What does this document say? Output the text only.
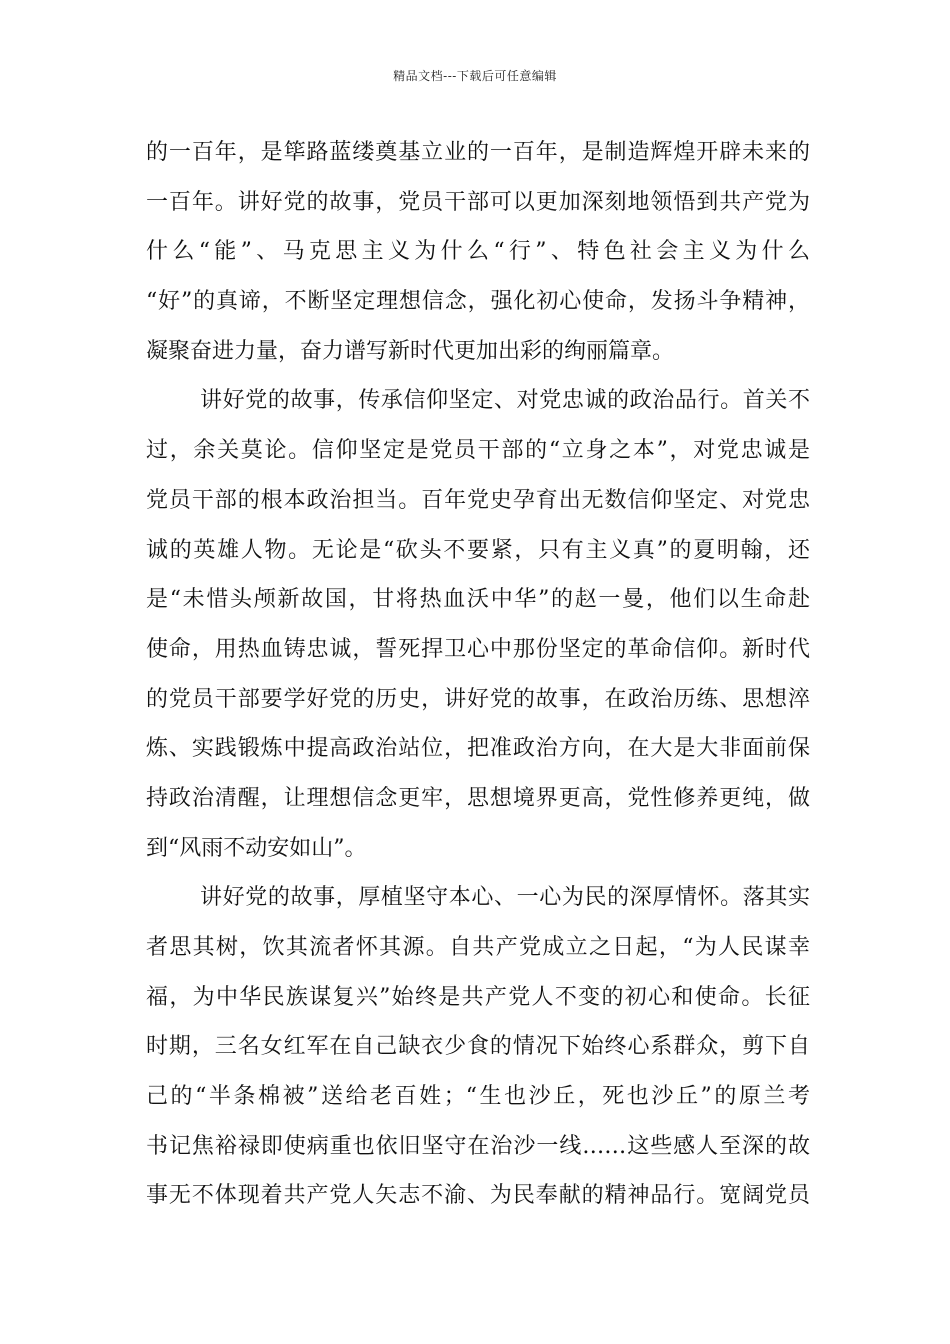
精品文档---下载后可任意编辑
的一百年，是筚路蓝缕奠基立业的一百年，是制造辉煌开辟未来的
一百年。讲好党的故事，党员干部可以更加深刻地领悟到共产党为
什么“能”、马克思主义为什么“行”、特色社会主义为什么
“好”的真谛，不断坚定理想信念，强化初心使命，发扬斗争精神，
凝聚奋进力量，奋力谱写新时代更加出彩的绚丽篇章。
讲好党的故事，传承信仰坚定、对党忠诚的政治品行。首关不
过，余关莫论。信仰坚定是党员干部的“立身之本”，对党忠诚是
党员干部的根本政治担当。百年党史孕育出无数信仰坚定、对党忠
诚的英雄人物。无论是“砍头不要紧，只有主义真”的夏明翰，还
是“未惜头颅新故国，甘将热血沃中华”的赵一曼，他们以生命赴
使命，用热血铸忠诚，誓死捍卫心中那份坚定的革命信仰。新时代
的党员干部要学好党的历史，讲好党的故事，在政治历练、思想淬
炼、实践锻炼中提高政治站位，把准政治方向，在大是大非面前保
持政治清醒，让理想信念更牢，思想境界更高，党性修养更纯，做
到“风雨不动安如山”。
讲好党的故事，厚植坚守本心、一心为民的深厚情怀。落其实
者思其树，饮其流者怀其源。自共产党成立之日起，“为人民谋幸
福，为中华民族谋复兴”始终是共产党人不变的初心和使命。长征
时期，三名女红军在自己缺衣少食的情况下始终心系群众，剪下自
己的“半条棉被”送给老百姓；“生也沙丘，死也沙丘”的原兰考
书记焦裕禄即使病重也依旧坚守在治沙一线……这些感人至深的故
事无不体现着共产党人矢志不渝、为民奉献的精神品行。宽阔党员
